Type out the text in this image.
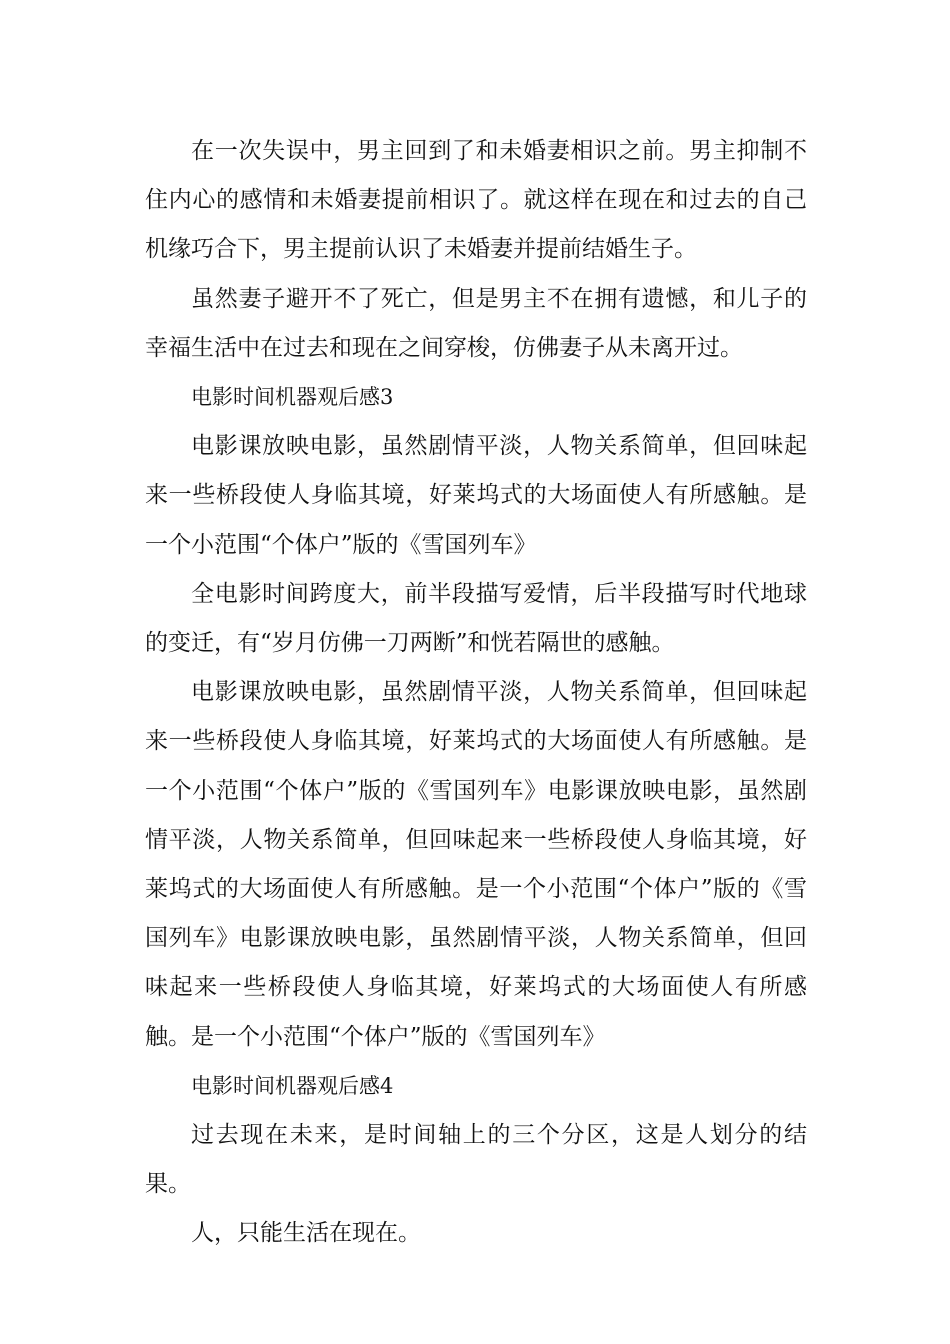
在一次失误中，男主回到了和未婚妻相识之前。男主抑制不住内心的感情和未婚妻提前相识了。就这样在现在和过去的自己机缘巧合下，男主提前认识了未婚妻并提前结婚生子。

虽然妻子避开不了死亡，但是男主不在拥有遗憾，和儿子的幸福生活中在过去和现在之间穿梭，仿佛妻子从未离开过。

电影时间机器观后感3

电影课放映电影，虽然剧情平淡，人物关系简单，但回味起来一些桥段使人身临其境，好莱坞式的大场面使人有所感触。是一个小范围“个体户”版的《雪国列车》

全电影时间跨度大，前半段描写爱情，后半段描写时代地球的变迁，有“岁月仿佛一刀两断”和恍若隔世的感触。

电影课放映电影，虽然剧情平淡，人物关系简单，但回味起来一些桥段使人身临其境，好莱坞式的大场面使人有所感触。是一个小范围“个体户”版的《雪国列车》电影课放映电影，虽然剧情平淡，人物关系简单，但回味起来一些桥段使人身临其境，好莱坞式的大场面使人有所感触。是一个小范围“个体户”版的《雪国列车》电影课放映电影，虽然剧情平淡，人物关系简单，但回味起来一些桥段使人身临其境，好莱坞式的大场面使人有所感触。是一个小范围“个体户”版的《雪国列车》

电影时间机器观后感4

过去现在未来，是时间轴上的三个分区，这是人划分的结果。

人，只能生活在现在。
